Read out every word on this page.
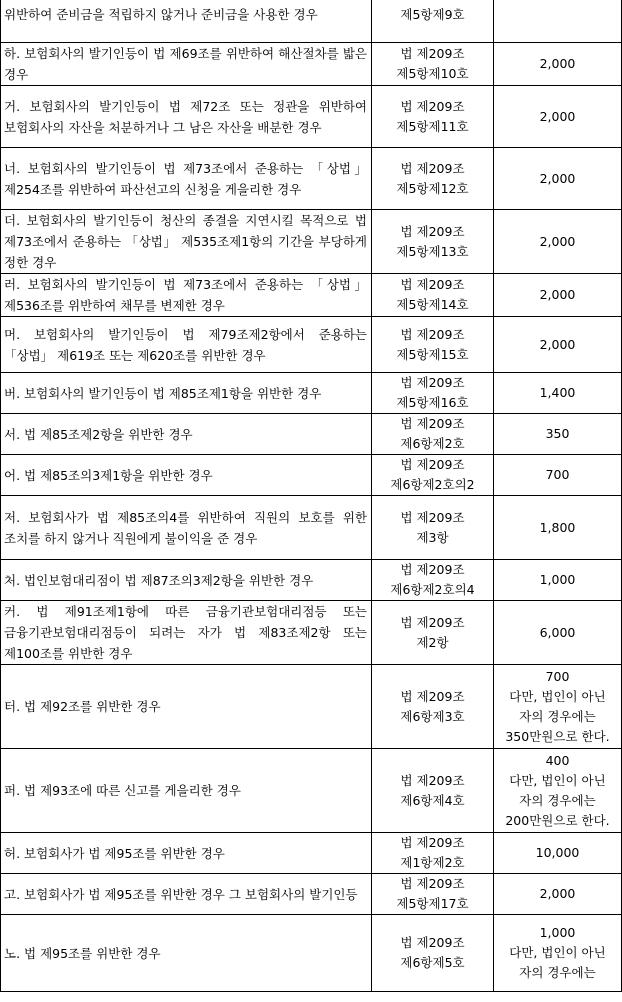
위반하여 준비금을 적립하지 않거나 준비금을 사용한 경우	제5항제9호	

하. 보험회사의 발기인등이 법 제69조를 위반하여 해산절차를 밟은 경우	법 제209조
제5항제10호	2,000

거. 보험회사의 발기인등이 법 제72조 또는 정관을 위반하여 보험회사의 자산을 처분하거나 그 남은 자산을 배분한 경우	법 제209조
제5항제11호	2,000

너. 보험회사의 발기인등이 법 제73조에서 준용하는 「상법」 제254조를 위반하여 파산선고의 신청을 게을리한 경우	법 제209조
제5항제12호	2,000

더. 보험회사의 발기인등이 청산의 종결을 지연시킬 목적으로 법 제73조에서 준용하는 「상법」 제535조제1항의 기간을 부당하게 정한 경우	법 제209조
제5항제13호	2,000

러. 보험회사의 발기인등이 법 제73조에서 준용하는 「상법」 제536조를 위반하여 채무를 변제한 경우	법 제209조
제5항제14호	2,000

머. 보험회사의 발기인등이 법 제79조제2항에서 준용하는 「상법」 제619조 또는 제620조를 위반한 경우	법 제209조
제5항제15호	2,000

버. 보험회사의 발기인등이 법 제85조제1항을 위반한 경우	법 제209조
제5항제16호	1,400

서. 법 제85조제2항을 위반한 경우	법 제209조
제6항제2호	350

어. 법 제85조의3제1항을 위반한 경우	법 제209조
제6항제2호의2	700

저. 보험회사가 법 제85조의4를 위반하여 직원의 보호를 위한 조치를 하지 않거나 직원에게 불이익을 준 경우	법 제209조
제3항	1,800

처. 법인보험대리점이 법 제87조의3제2항을 위반한 경우	법 제209조
제6항제2호의4	1,000

커. 법 제91조제1항에 따른 금융기관보험대리점등 또는 금융기관보험대리점등이 되려는 자가 법 제83조제2항 또는 제100조를 위반한 경우	법 제209조
제2항	6,000

터. 법 제92조를 위반한 경우	법 제209조
제6항제3호	700
다만, 법인이 아닌
자의 경우에는
350만원으로 한다.

퍼. 법 제93조에 따른 신고를 게을리한 경우	법 제209조
제6항제4호	400
다만, 법인이 아닌
자의 경우에는
200만원으로 한다.

허. 보험회사가 법 제95조를 위반한 경우	법 제209조
제1항제2호	10,000

고. 보험회사가 법 제95조를 위반한 경우 그 보험회사의 발기인등	법 제209조
제5항제17호	2,000

노. 법 제95조를 위반한 경우	법 제209조
제6항제5호	1,000
다만, 법인이 아닌
자의 경우에는
